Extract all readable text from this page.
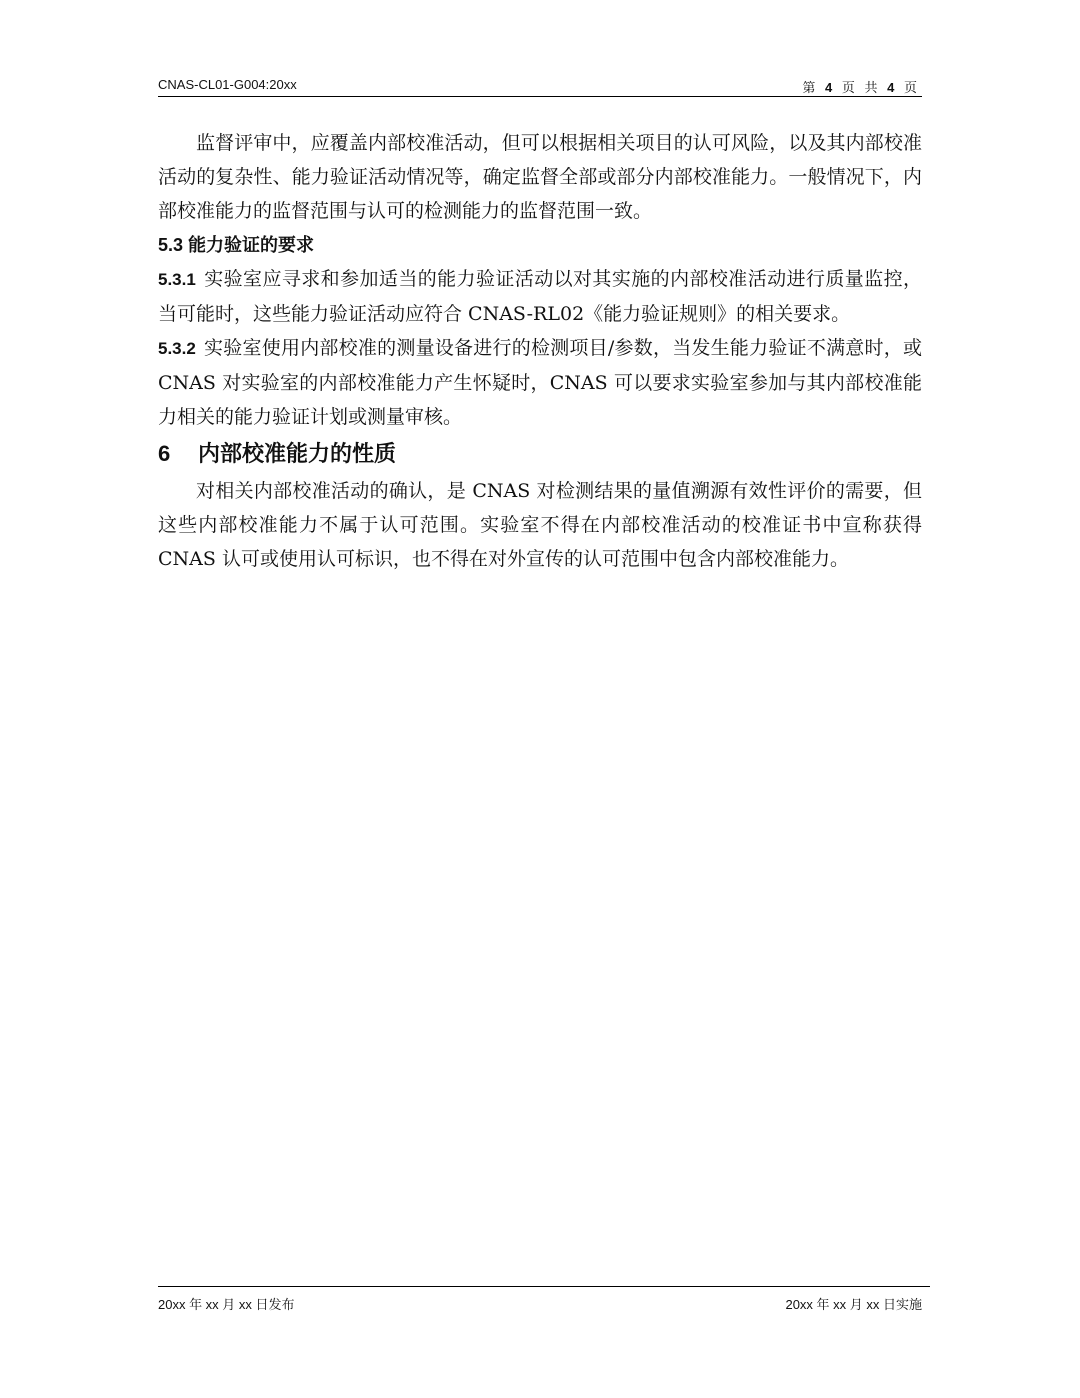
CNAS-CL01-G004:20xx	第 4 页 共 4 页

监督评审中，应覆盖内部校准活动，但可以根据相关项目的认可风险，以及其内部校准活动的复杂性、能力验证活动情况等，确定监督全部或部分内部校准能力。一般情况下，内部校准能力的监督范围与认可的检测能力的监督范围一致。

5.3 能力验证的要求

5.3.1 实验室应寻求和参加适当的能力验证活动以对其实施的内部校准活动进行质量监控，当可能时，这些能力验证活动应符合 CNAS-RL02《能力验证规则》的相关要求。

5.3.2 实验室使用内部校准的测量设备进行的检测项目/参数，当发生能力验证不满意时，或 CNAS 对实验室的内部校准能力产生怀疑时，CNAS 可以要求实验室参加与其内部校准能力相关的能力验证计划或测量审核。

6 内部校准能力的性质

对相关内部校准活动的确认，是 CNAS 对检测结果的量值溯源有效性评价的需要，但这些内部校准能力不属于认可范围。实验室不得在内部校准活动的校准证书中宣称获得 CNAS 认可或使用认可标识，也不得在对外宣传的认可范围中包含内部校准能力。

20xx 年 xx 月 xx 日发布	20xx 年 xx 月 xx 日实施
